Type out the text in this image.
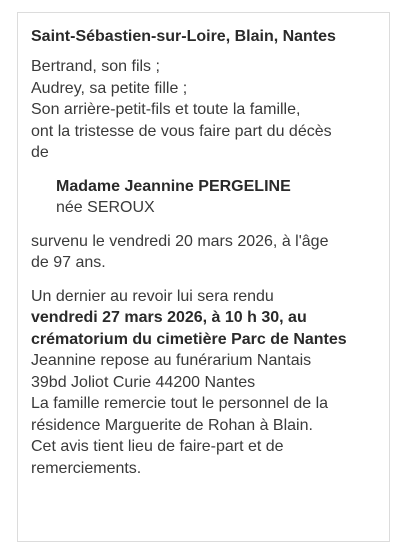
Saint-Sébastien-sur-Loire, Blain, Nantes

Bertrand, son fils ;
Audrey, sa petite fille ;
Son arrière-petit-fils et toute la famille,
ont la tristesse de vous faire part du décès
de

Madame Jeannine PERGELINE
née SEROUX

survenu le vendredi 20 mars 2026, à l'âge
de 97 ans.

Un dernier au revoir lui sera rendu
vendredi 27 mars 2026, à 10 h 30, au
crématorium du cimetière Parc de Nantes
Jeannine repose au funérarium Nantais
39bd Joliot Curie 44200 Nantes
La famille remercie tout le personnel de la
résidence Marguerite de Rohan à Blain.
Cet avis tient lieu de faire-part et de
remerciements.
